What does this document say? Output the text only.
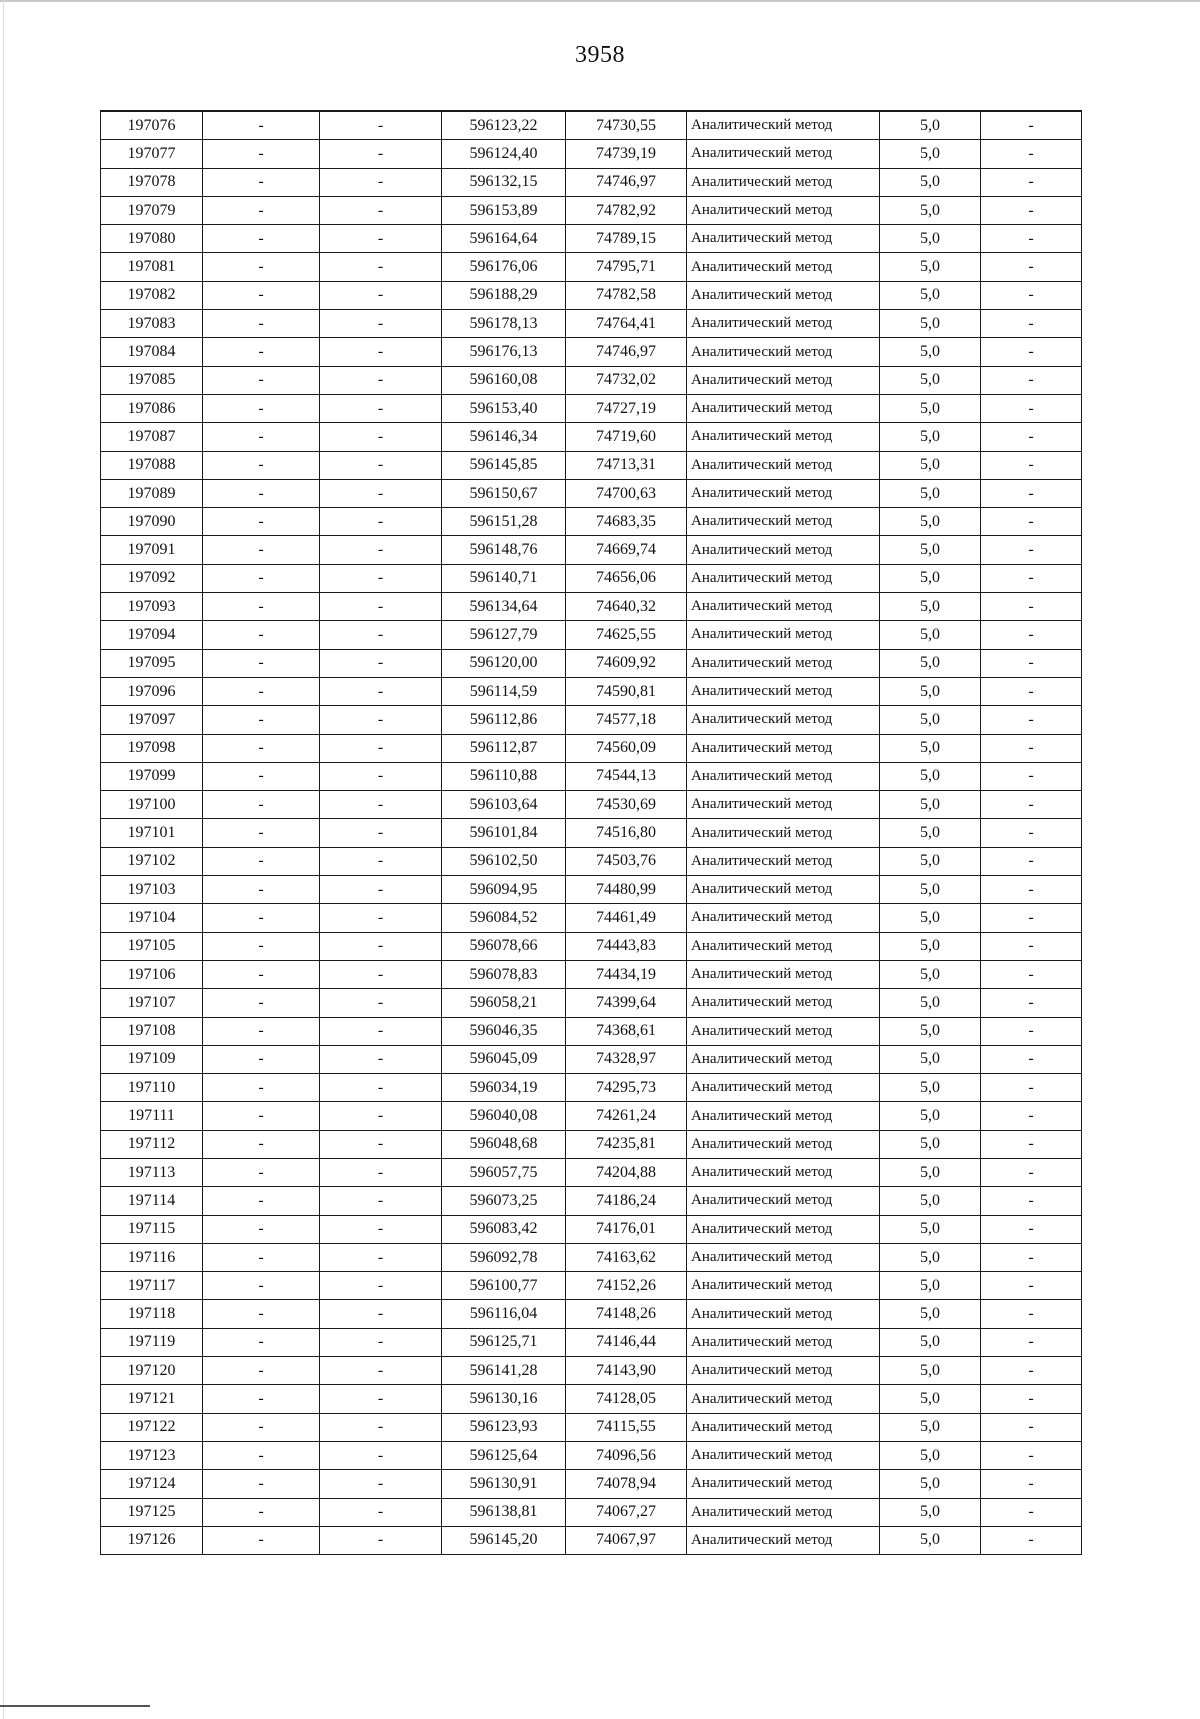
3958
197076	-	-	596123,22	74730,55	Аналитический метод	5,0	-
197077	-	-	596124,40	74739,19	Аналитический метод	5,0	-
197078	-	-	596132,15	74746,97	Аналитический метод	5,0	-
197079	-	-	596153,89	74782,92	Аналитический метод	5,0	-
197080	-	-	596164,64	74789,15	Аналитический метод	5,0	-
197081	-	-	596176,06	74795,71	Аналитический метод	5,0	-
197082	-	-	596188,29	74782,58	Аналитический метод	5,0	-
197083	-	-	596178,13	74764,41	Аналитический метод	5,0	-
197084	-	-	596176,13	74746,97	Аналитический метод	5,0	-
197085	-	-	596160,08	74732,02	Аналитический метод	5,0	-
197086	-	-	596153,40	74727,19	Аналитический метод	5,0	-
197087	-	-	596146,34	74719,60	Аналитический метод	5,0	-
197088	-	-	596145,85	74713,31	Аналитический метод	5,0	-
197089	-	-	596150,67	74700,63	Аналитический метод	5,0	-
197090	-	-	596151,28	74683,35	Аналитический метод	5,0	-
197091	-	-	596148,76	74669,74	Аналитический метод	5,0	-
197092	-	-	596140,71	74656,06	Аналитический метод	5,0	-
197093	-	-	596134,64	74640,32	Аналитический метод	5,0	-
197094	-	-	596127,79	74625,55	Аналитический метод	5,0	-
197095	-	-	596120,00	74609,92	Аналитический метод	5,0	-
197096	-	-	596114,59	74590,81	Аналитический метод	5,0	-
197097	-	-	596112,86	74577,18	Аналитический метод	5,0	-
197098	-	-	596112,87	74560,09	Аналитический метод	5,0	-
197099	-	-	596110,88	74544,13	Аналитический метод	5,0	-
197100	-	-	596103,64	74530,69	Аналитический метод	5,0	-
197101	-	-	596101,84	74516,80	Аналитический метод	5,0	-
197102	-	-	596102,50	74503,76	Аналитический метод	5,0	-
197103	-	-	596094,95	74480,99	Аналитический метод	5,0	-
197104	-	-	596084,52	74461,49	Аналитический метод	5,0	-
197105	-	-	596078,66	74443,83	Аналитический метод	5,0	-
197106	-	-	596078,83	74434,19	Аналитический метод	5,0	-
197107	-	-	596058,21	74399,64	Аналитический метод	5,0	-
197108	-	-	596046,35	74368,61	Аналитический метод	5,0	-
197109	-	-	596045,09	74328,97	Аналитический метод	5,0	-
197110	-	-	596034,19	74295,73	Аналитический метод	5,0	-
197111	-	-	596040,08	74261,24	Аналитический метод	5,0	-
197112	-	-	596048,68	74235,81	Аналитический метод	5,0	-
197113	-	-	596057,75	74204,88	Аналитический метод	5,0	-
197114	-	-	596073,25	74186,24	Аналитический метод	5,0	-
197115	-	-	596083,42	74176,01	Аналитический метод	5,0	-
197116	-	-	596092,78	74163,62	Аналитический метод	5,0	-
197117	-	-	596100,77	74152,26	Аналитический метод	5,0	-
197118	-	-	596116,04	74148,26	Аналитический метод	5,0	-
197119	-	-	596125,71	74146,44	Аналитический метод	5,0	-
197120	-	-	596141,28	74143,90	Аналитический метод	5,0	-
197121	-	-	596130,16	74128,05	Аналитический метод	5,0	-
197122	-	-	596123,93	74115,55	Аналитический метод	5,0	-
197123	-	-	596125,64	74096,56	Аналитический метод	5,0	-
197124	-	-	596130,91	74078,94	Аналитический метод	5,0	-
197125	-	-	596138,81	74067,27	Аналитический метод	5,0	-
197126	-	-	596145,20	74067,97	Аналитический метод	5,0	-
